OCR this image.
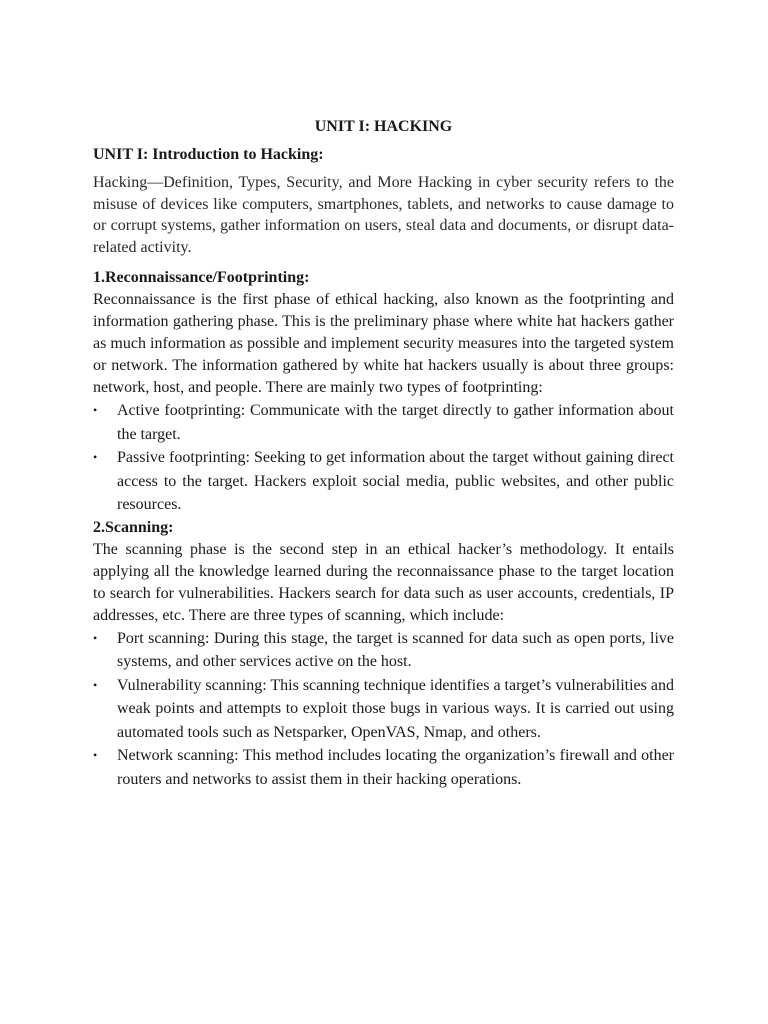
UNIT I: HACKING
UNIT I: Introduction to Hacking:

Hacking—Definition, Types, Security, and More Hacking in cyber security refers to the misuse of devices like computers, smartphones, tablets, and networks to cause damage to or corrupt systems, gather information on users, steal data and documents, or disrupt data-related activity.

1.Reconnaissance/Footprinting:

Reconnaissance is the first phase of ethical hacking, also known as the footprinting and information gathering phase. This is the preliminary phase where white hat hackers gather as much information as possible and implement security measures into the targeted system or network. The information gathered by white hat hackers usually is about three groups: network, host, and people. There are mainly two types of footprinting:

• Active footprinting: Communicate with the target directly to gather information about the target.
• Passive footprinting: Seeking to get information about the target without gaining direct access to the target. Hackers exploit social media, public websites, and other public resources.
2.Scanning:

The scanning phase is the second step in an ethical hacker’s methodology. It entails applying all the knowledge learned during the reconnaissance phase to the target location to search for vulnerabilities. Hackers search for data such as user accounts, credentials, IP addresses, etc. There are three types of scanning, which include:

• Port scanning: During this stage, the target is scanned for data such as open ports, live systems, and other services active on the host.
• Vulnerability scanning: This scanning technique identifies a target’s vulnerabilities and weak points and attempts to exploit those bugs in various ways. It is carried out using automated tools such as Netsparker, OpenVAS, Nmap, and others.
• Network scanning: This method includes locating the organization’s firewall and other routers and networks to assist them in their hacking operations.
